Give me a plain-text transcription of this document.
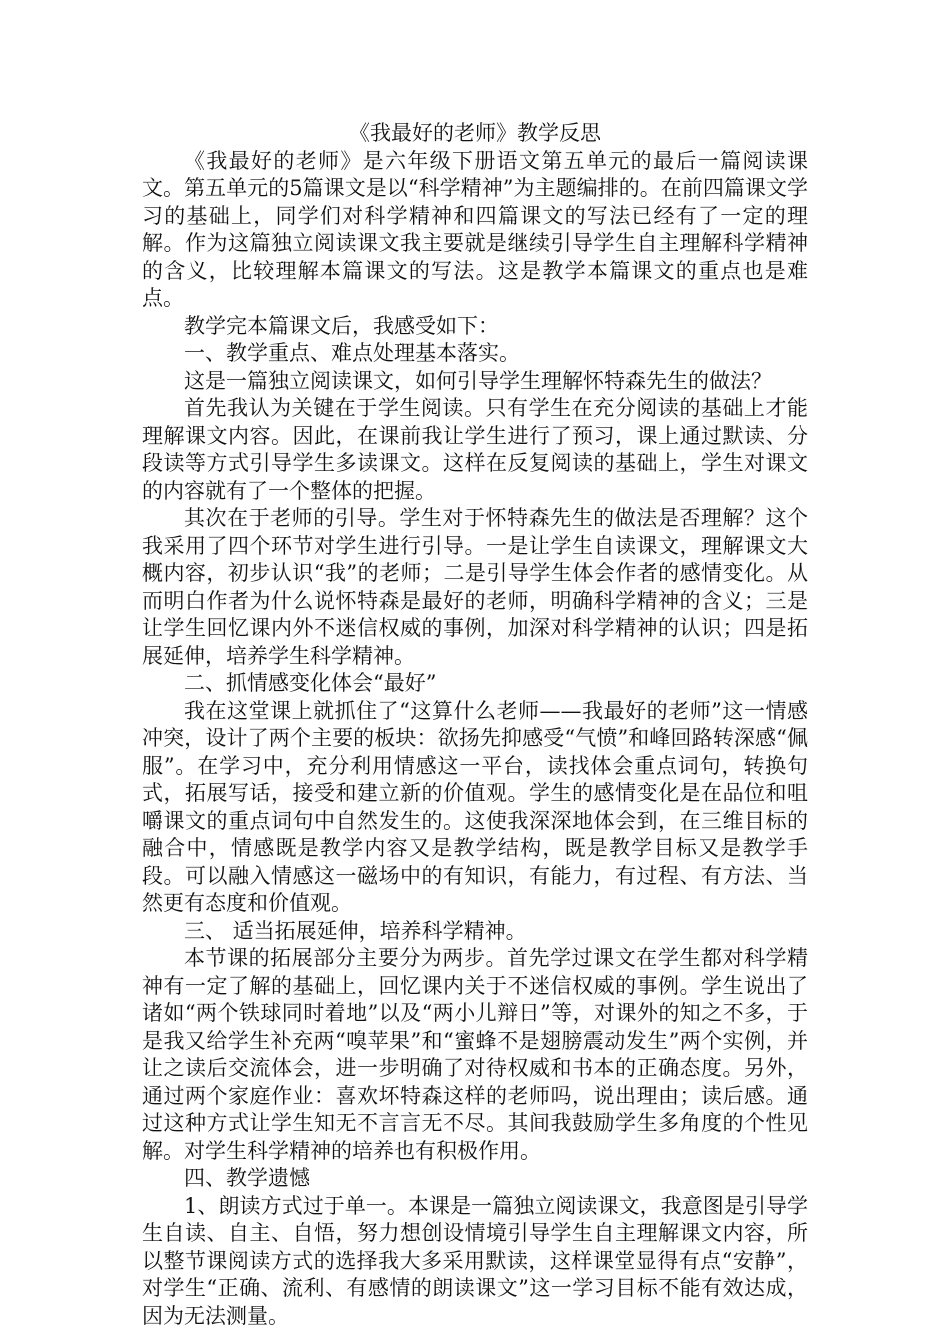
《我最好的老师》教学反思

《我最好的老师》是六年级下册语文第五单元的最后一篇阅读课文。第五单元的5篇课文是以“科学精神”为主题编排的。在前四篇课文学习的基础上，同学们对科学精神和四篇课文的写法已经有了一定的理解。作为这篇独立阅读课文我主要就是继续引导学生自主理解科学精神的含义，比较理解本篇课文的写法。这是教学本篇课文的重点也是难点。

教学完本篇课文后，我感受如下：

一、教学重点、难点处理基本落实。

这是一篇独立阅读课文，如何引导学生理解怀特森先生的做法？

首先我认为关键在于学生阅读。只有学生在充分阅读的基础上才能理解课文内容。因此，在课前我让学生进行了预习，课上通过默读、分段读等方式引导学生多读课文。这样在反复阅读的基础上，学生对课文的内容就有了一个整体的把握。

其次在于老师的引导。学生对于怀特森先生的做法是否理解？这个我采用了四个环节对学生进行引导。一是让学生自读课文，理解课文大概内容，初步认识“我”的老师；二是引导学生体会作者的感情变化。从而明白作者为什么说怀特森是最好的老师，明确科学精神的含义；三是让学生回忆课内外不迷信权威的事例，加深对科学精神的认识；四是拓展延伸，培养学生科学精神。

二、抓情感变化体会“最好”

我在这堂课上就抓住了“这算什么老师——我最好的老师”这一情感冲突，设计了两个主要的板块：欲扬先抑感受“气愤”和峰回路转深感“佩服”。在学习中，充分利用情感这一平台，读找体会重点词句，转换句式，拓展写话，接受和建立新的价值观。学生的感情变化是在品位和咀嚼课文的重点词句中自然发生的。这使我深深地体会到，在三维目标的融合中，情感既是教学内容又是教学结构，既是教学目标又是教学手段。可以融入情感这一磁场中的有知识，有能力，有过程、有方法、当然更有态度和价值观。

三、 适当拓展延伸，培养科学精神。

本节课的拓展部分主要分为两步。首先学过课文在学生都对科学精神有一定了解的基础上，回忆课内关于不迷信权威的事例。学生说出了诸如“两个铁球同时着地”以及“两小儿辩日”等，对课外的知之不多，于是我又给学生补充两“嗅苹果”和“蜜蜂不是翅膀震动发生”两个实例，并让之读后交流体会，进一步明确了对待权威和书本的正确态度。另外，通过两个家庭作业：喜欢坏特森这样的老师吗，说出理由；读后感。通过这种方式让学生知无不言言无不尽。其间我鼓励学生多角度的个性见解。对学生科学精神的培养也有积极作用。

四、教学遗憾

1、朗读方式过于单一。本课是一篇独立阅读课文，我意图是引导学生自读、自主、自悟，努力想创设情境引导学生自主理解课文内容，所以整节课阅读方式的选择我大多采用默读，这样课堂显得有点“安静”，对学生“正确、流利、有感情的朗读课文”这一学习目标不能有效达成，因为无法测量。
